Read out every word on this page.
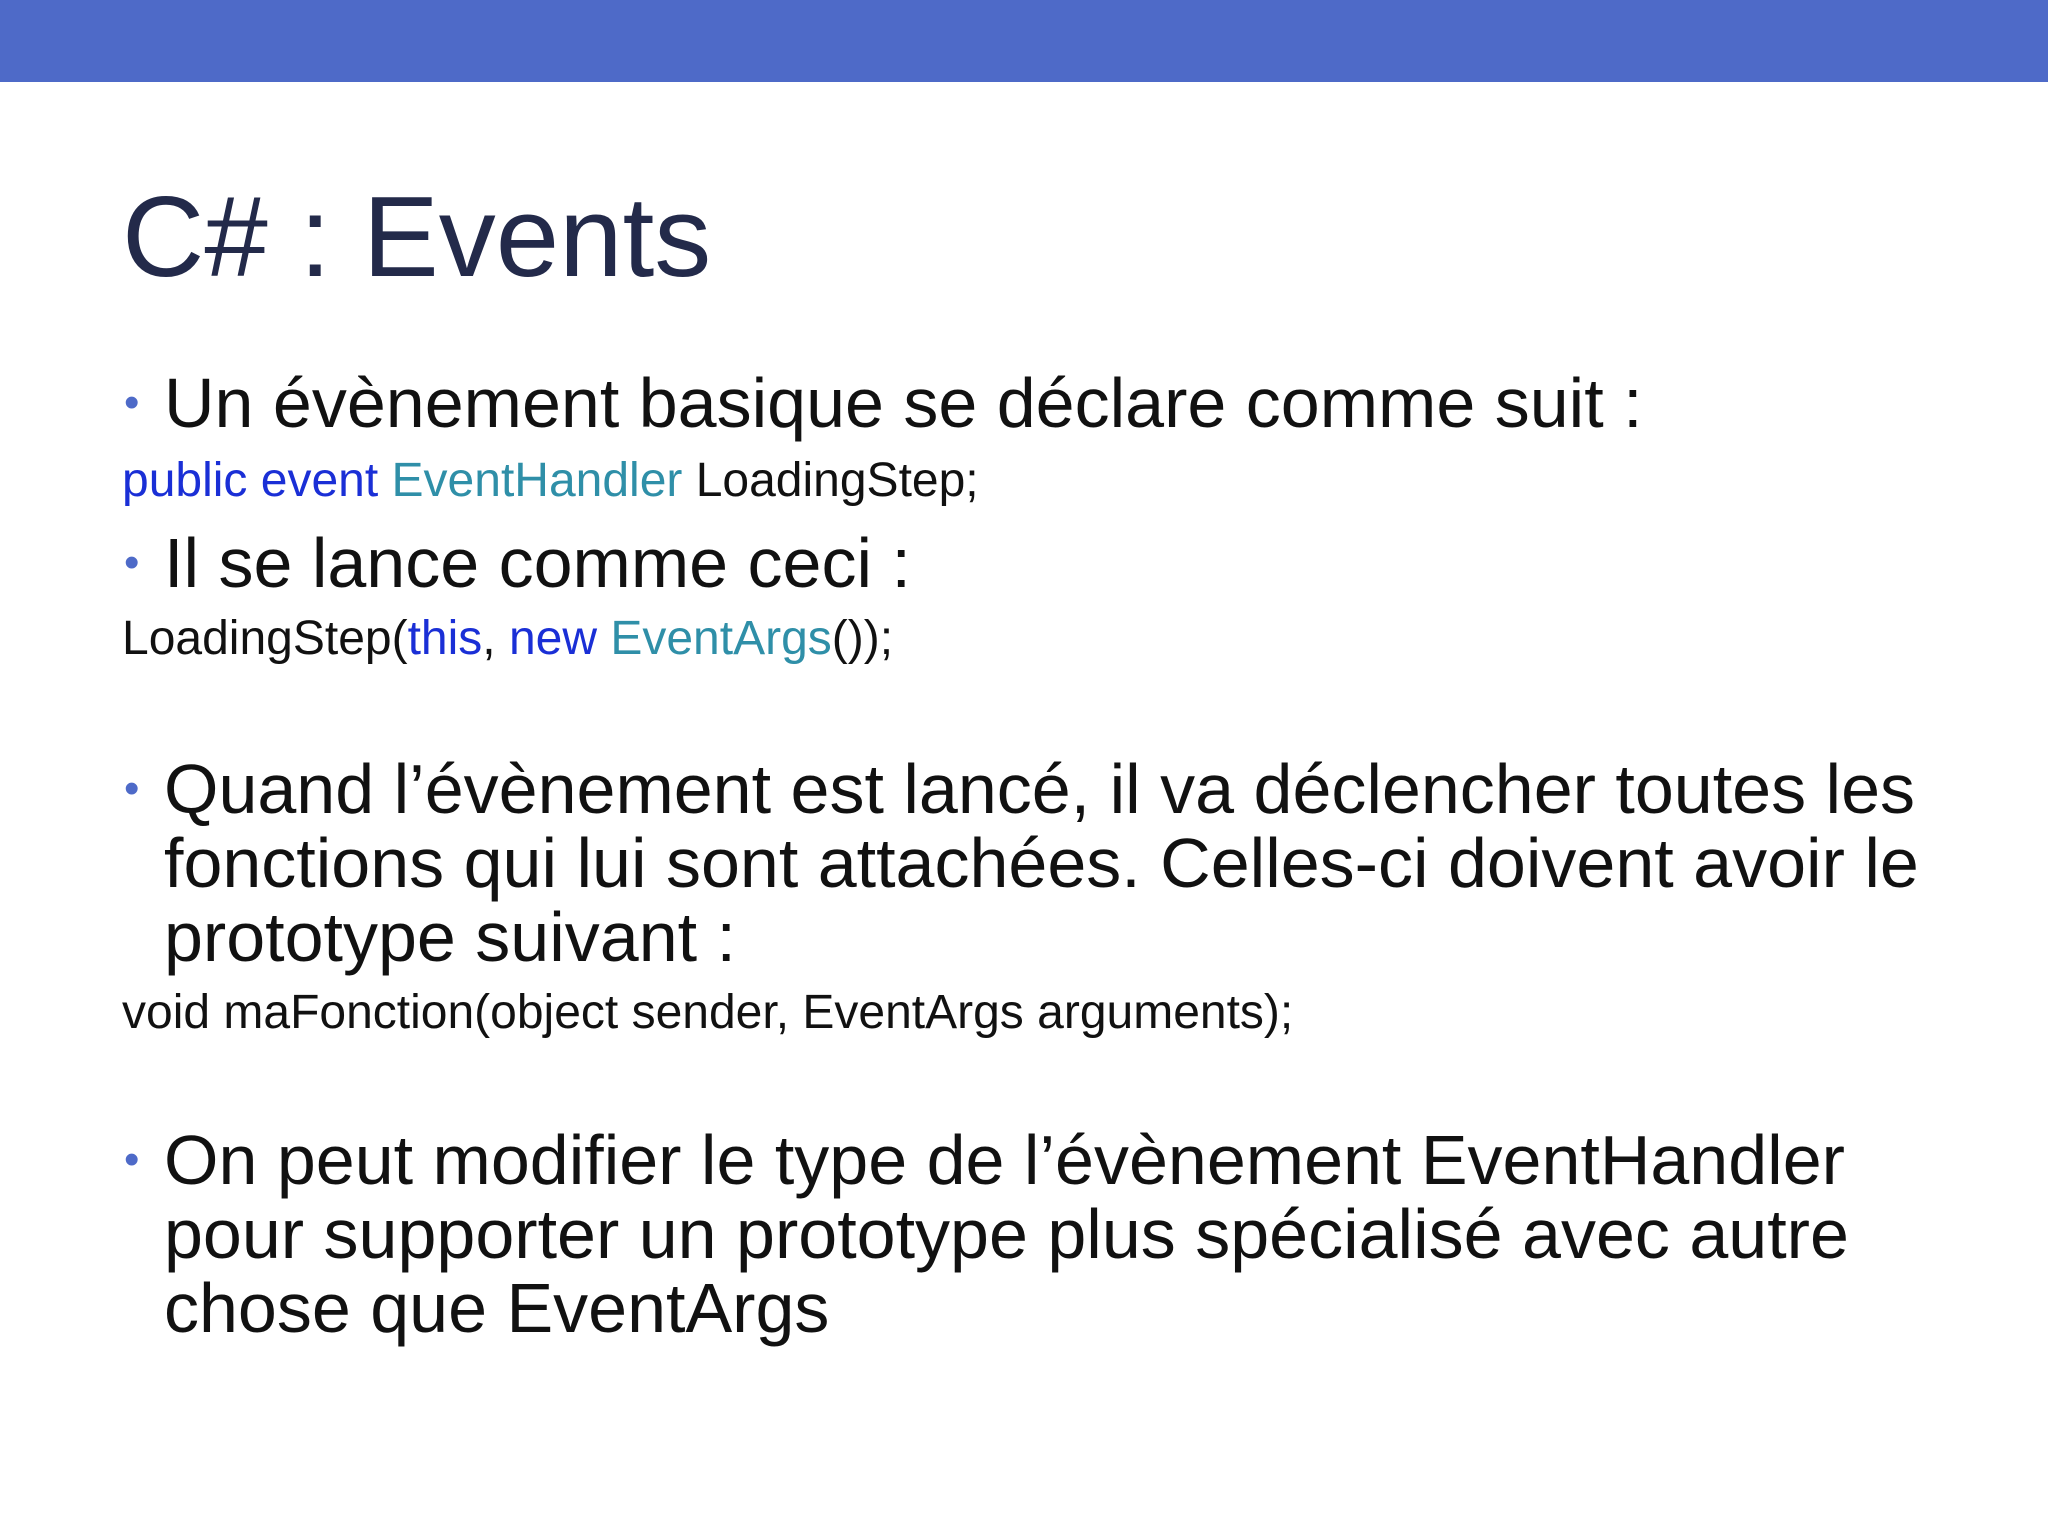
C# : Events
• Un évènement basique se déclare comme suit :
public event EventHandler LoadingStep;
• Il se lance comme ceci :
LoadingStep(this, new EventArgs());
• Quand l’évènement est lancé, il va déclencher toutes les
fonctions qui lui sont attachées. Celles-ci doivent avoir le
prototype suivant :
void maFonction(object sender, EventArgs arguments);
• On peut modifier le type de l’évènement EventHandler
pour supporter un prototype plus spécialisé avec autre
chose que EventArgs
